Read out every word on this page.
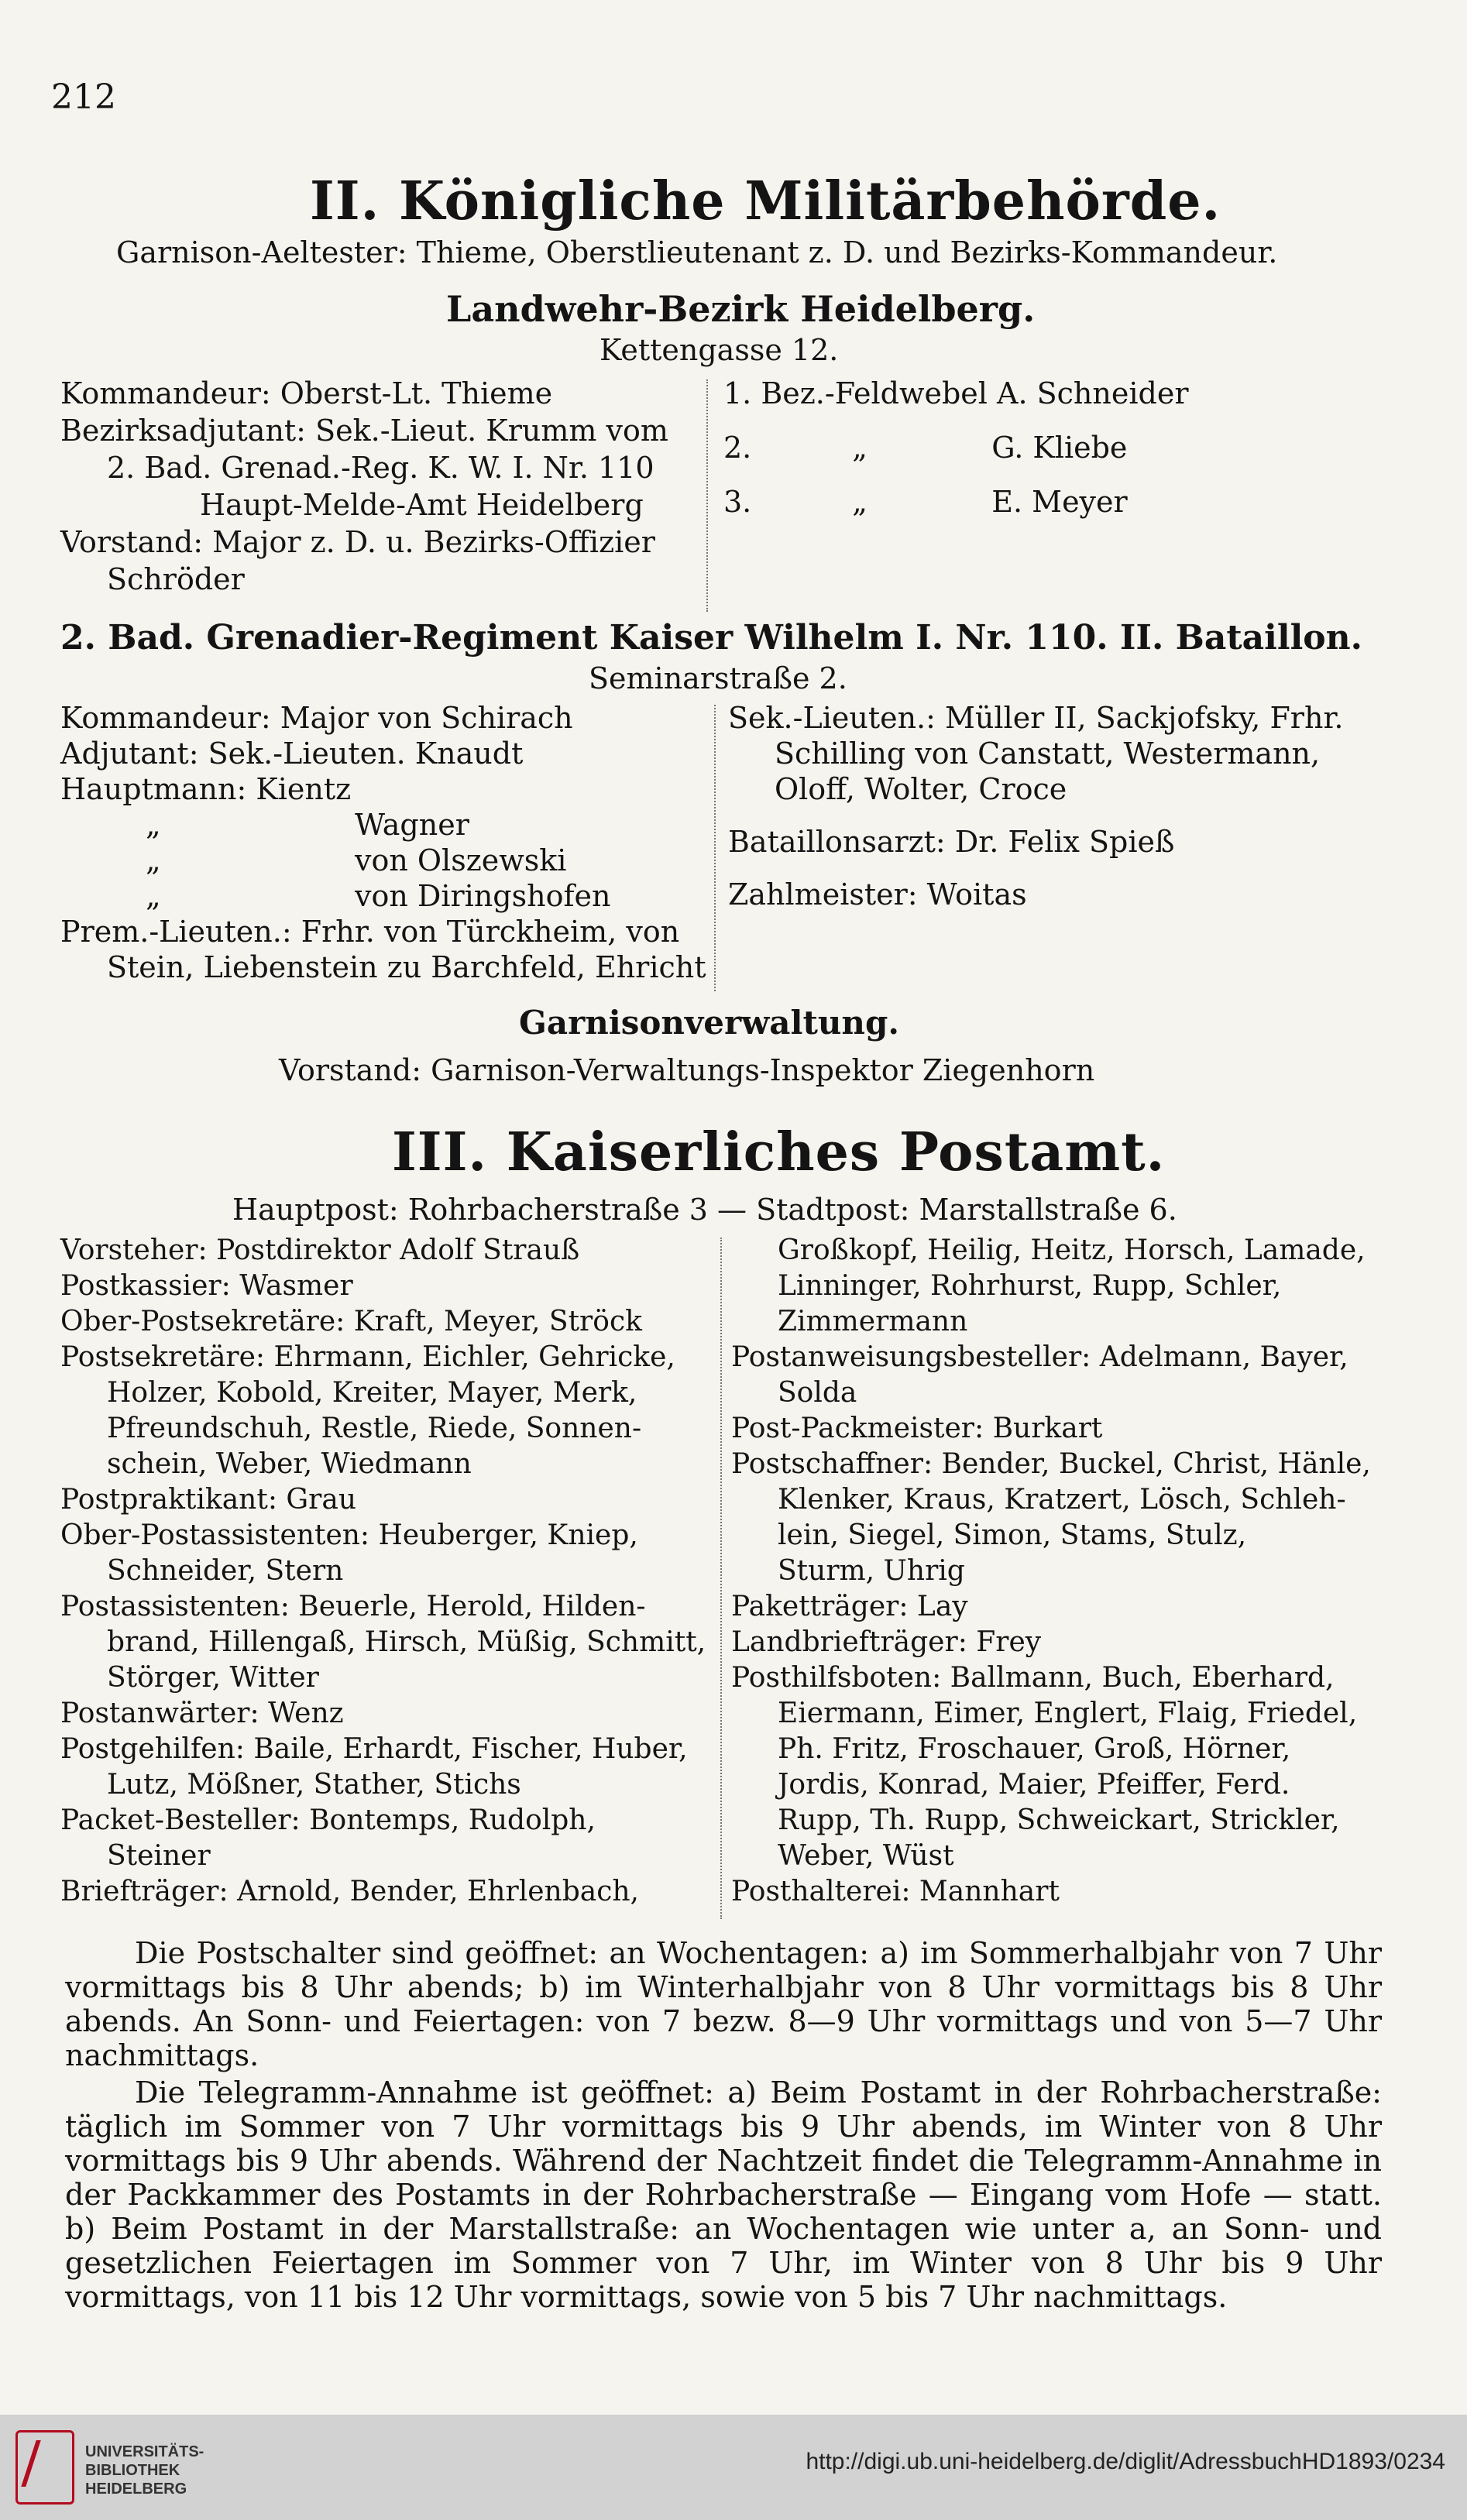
212
II. Königliche Militärbehörde.
Garnison-Aeltester: Thieme, Oberstlieutenant z. D. und Bezirks-Kommandeur.
Landwehr-Bezirk Heidelberg.
Kettengasse 12.
Kommandeur: Oberst-Lt. Thieme
Bezirksadjutant: Sek.-Lieut. Krumm vom
2. Bad. Grenad.-Reg. K. W. I. Nr. 110
Haupt-Melde-Amt Heidelberg
Vorstand: Major z. D. u. Bezirks-Offizier
Schröder
1. Bez.-Feldwebel A. Schneider
2.	„	G. Kliebe
3.	„	E. Meyer
2. Bad. Grenadier-Regiment Kaiser Wilhelm I. Nr. 110. II. Bataillon.
Seminarstraße 2.
Kommandeur: Major von Schirach
Adjutant: Sek.-Lieuten. Knaudt
Hauptmann: Kientz
„	Wagner
„	von Olszewski
„	von Diringshofen
Prem.-Lieuten.: Frhr. von Türckheim, von
Stein, Liebenstein zu Barchfeld, Ehricht
Sek.-Lieuten.: Müller II, Sackjofsky, Frhr.
Schilling von Canstatt, Westermann,
Oloff, Wolter, Croce
Bataillonsarzt: Dr. Felix Spieß
Zahlmeister: Woitas
Garnisonverwaltung.
Vorstand: Garnison-Verwaltungs-Inspektor Ziegenhorn
III. Kaiserliches Postamt.
Hauptpost: Rohrbacherstraße 3 — Stadtpost: Marstallstraße 6.
Vorsteher: Postdirektor Adolf Strauß
Postkassier: Wasmer
Ober-Postsekretäre: Kraft, Meyer, Ströck
Postsekretäre: Ehrmann, Eichler, Gehricke,
Holzer, Kobold, Kreiter, Mayer, Merk,
Pfreundschuh, Restle, Riede, Sonnen-
schein, Weber, Wiedmann
Postpraktikant: Grau
Ober-Postassistenten: Heuberger, Kniep,
Schneider, Stern
Postassistenten: Beuerle, Herold, Hilden-
brand, Hillengaß, Hirsch, Müßig, Schmitt,
Störger, Witter
Postanwärter: Wenz
Postgehilfen: Baile, Erhardt, Fischer, Huber,
Lutz, Mößner, Stather, Stichs
Packet-Besteller: Bontemps, Rudolph,
Steiner
Briefträger: Arnold, Bender, Ehrlenbach,
Großkopf, Heilig, Heitz, Horsch, Lamade,
Linninger, Rohrhurst, Rupp, Schler,
Zimmermann
Postanweisungsbesteller: Adelmann, Bayer,
Solda
Post-Packmeister: Burkart
Postschaffner: Bender, Buckel, Christ, Hänle,
Klenker, Kraus, Kratzert, Lösch, Schleh-
lein, Siegel, Simon, Stams, Stulz,
Sturm, Uhrig
Paketträger: Lay
Landbriefträger: Frey
Posthilfsboten: Ballmann, Buch, Eberhard,
Eiermann, Eimer, Englert, Flaig, Friedel,
Ph. Fritz, Froschauer, Groß, Hörner,
Jordis, Konrad, Maier, Pfeiffer, Ferd.
Rupp, Th. Rupp, Schweickart, Strickler,
Weber, Wüst
Posthalterei: Mannhart

Die Postschalter sind geöffnet: an Wochentagen: a) im Sommerhalbjahr von 7 Uhr vormittags bis 8 Uhr abends; b) im Winterhalbjahr von 8 Uhr vormittags bis 8 Uhr abends. An Sonn- und Feiertagen: von 7 bezw. 8—9 Uhr vormittags und von 5—7 Uhr nachmittags.

Die Telegramm-Annahme ist geöffnet: a) Beim Postamt in der Rohrbacherstraße: täglich im Sommer von 7 Uhr vormittags bis 9 Uhr abends, im Winter von 8 Uhr vormittags bis 9 Uhr abends. Während der Nachtzeit findet die Telegramm-Annahme in der Packkammer des Postamts in der Rohrbacherstraße — Eingang vom Hofe — statt. b) Beim Postamt in der Marstallstraße: an Wochentagen wie unter a, an Sonn- und gesetzlichen Feiertagen im Sommer von 7 Uhr, im Winter von 8 Uhr bis 9 Uhr vormittags, von 11 bis 12 Uhr vormittags, sowie von 5 bis 7 Uhr nachmittags.

UNIVERSITÄTS-
BIBLIOTHEK
HEIDELBERG
http://digi.ub.uni-heidelberg.de/diglit/AdressbuchHD1893/0234
